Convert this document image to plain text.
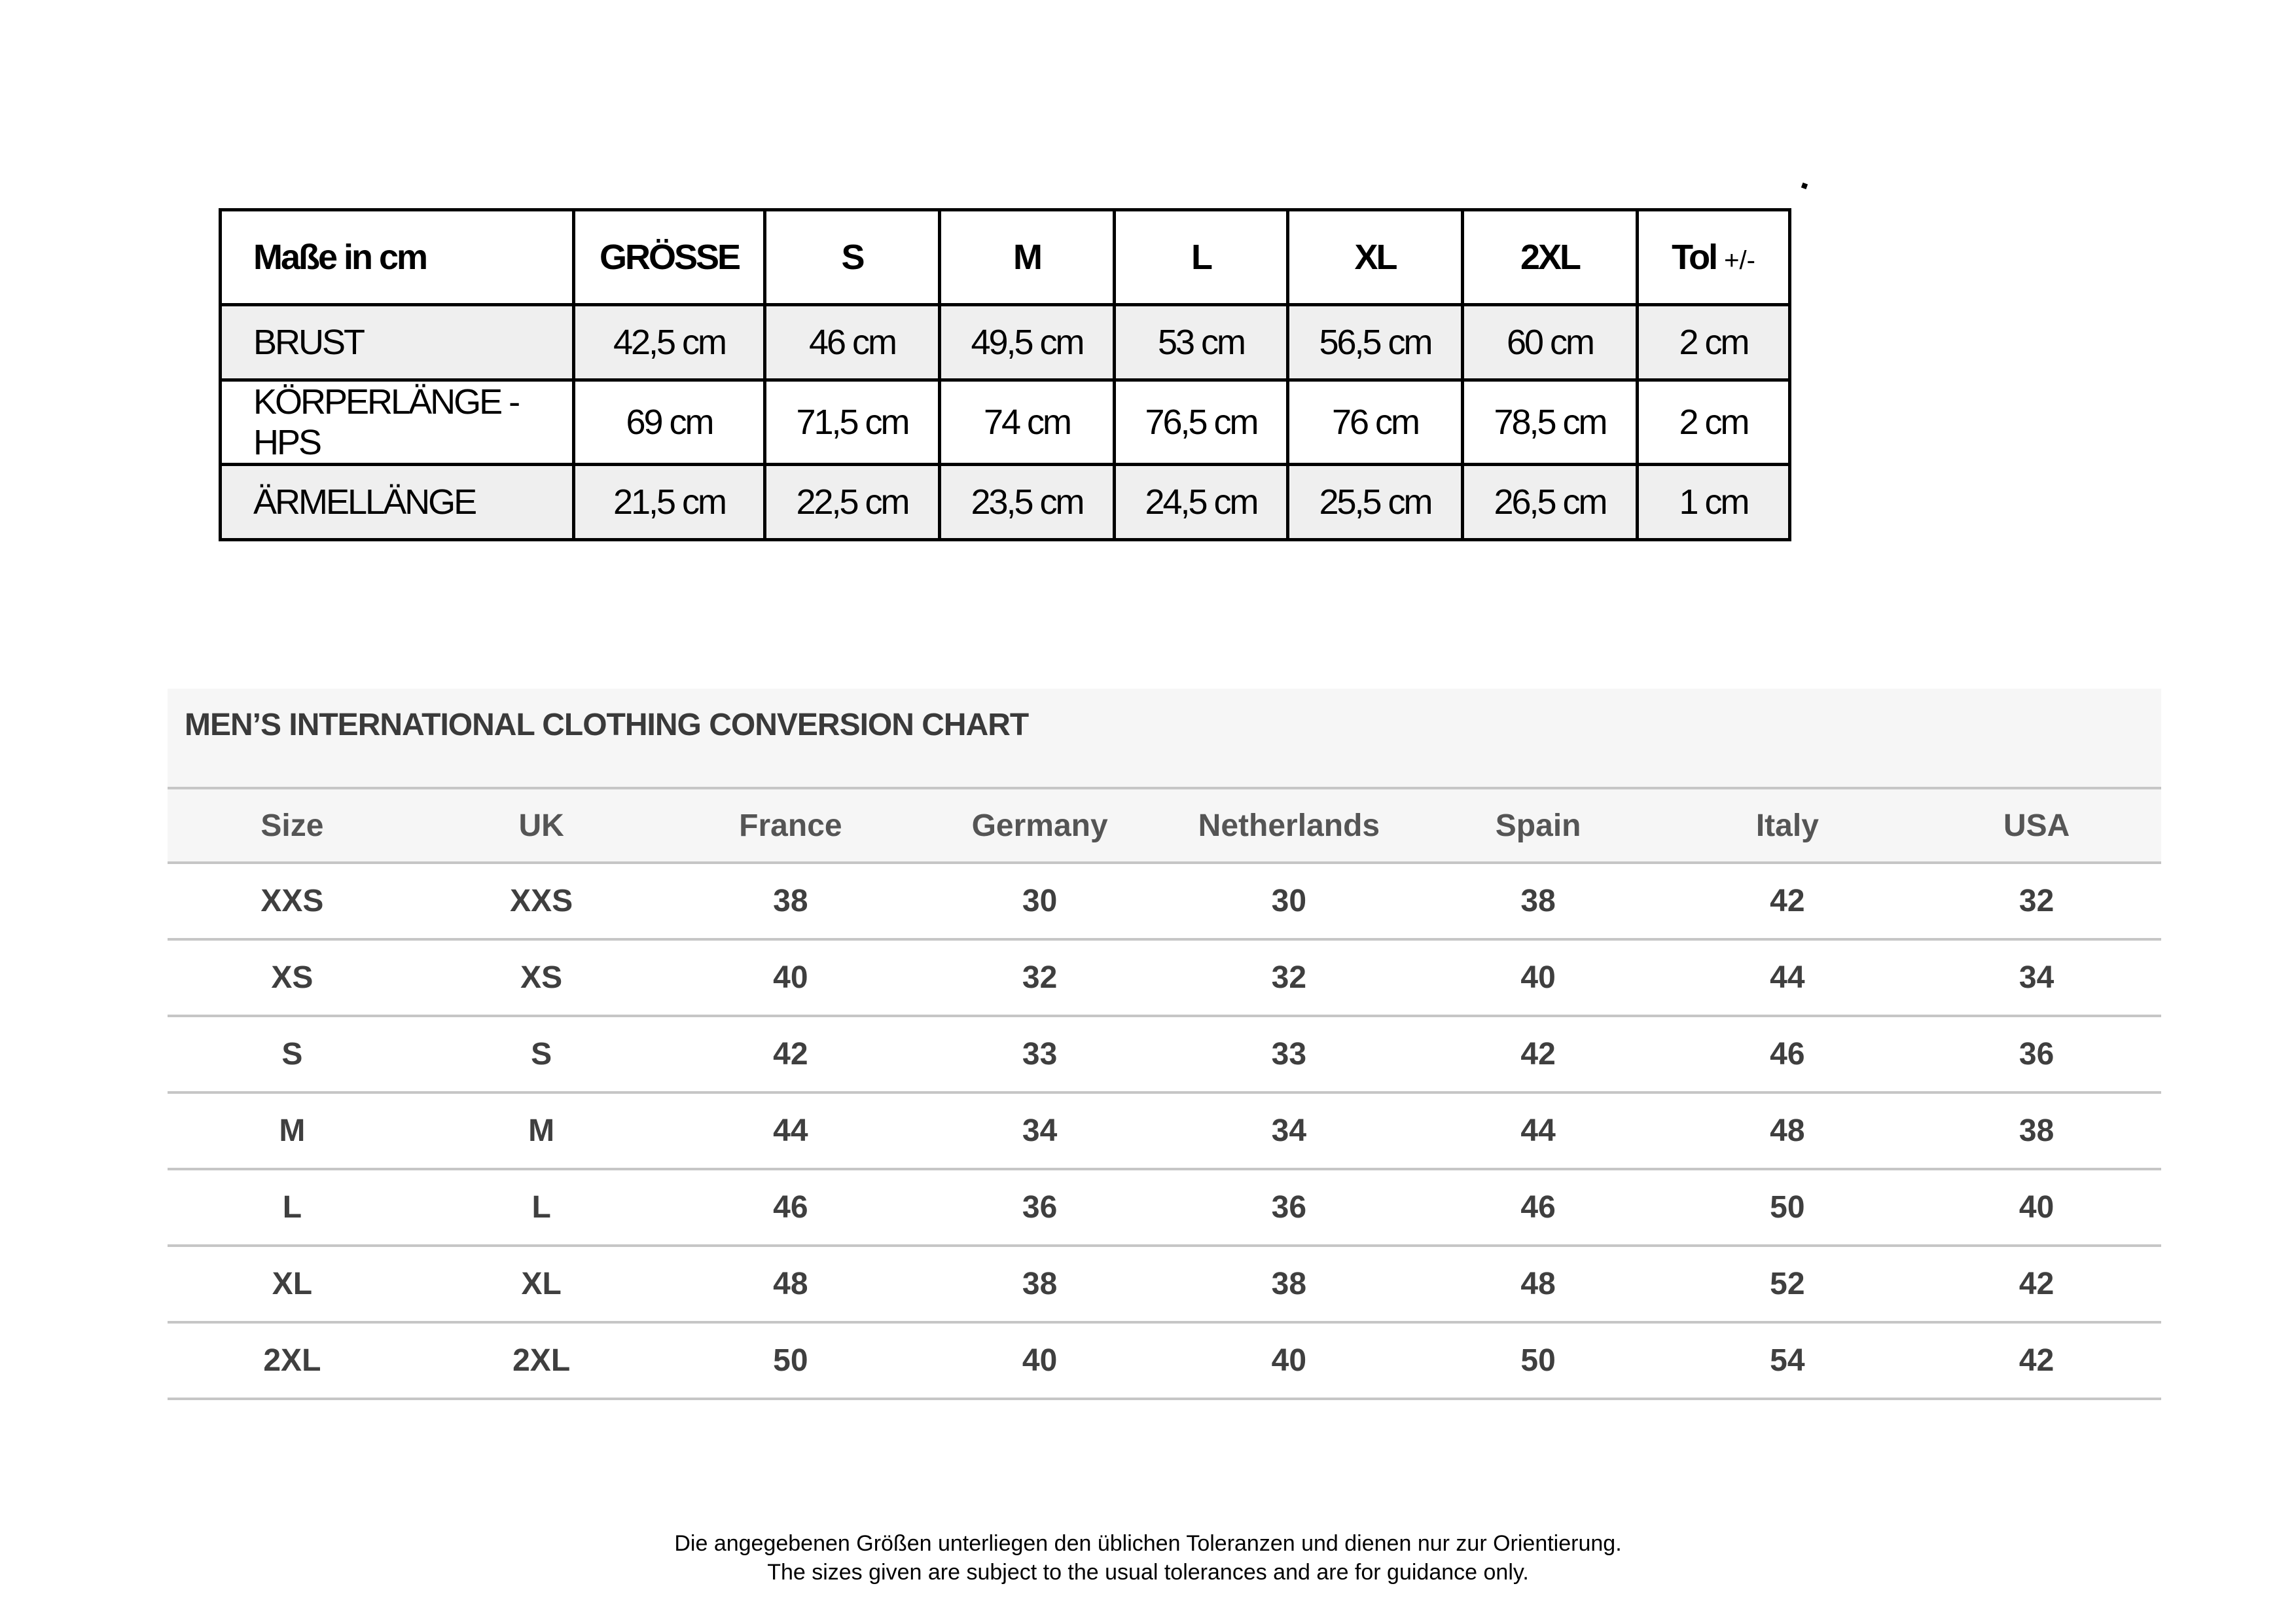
Maße in cm	GRÖSSE	S	M	L	XL	2XL	Tol +/-
BRUST	42,5 cm	46 cm	49,5 cm	53 cm	56,5 cm	60 cm	2 cm
KÖRPERLÄNGE -HPS	69 cm	71,5 cm	74 cm	76,5 cm	76 cm	78,5 cm	2 cm
ÄRMELLÄNGE	21,5 cm	22,5 cm	23,5 cm	24,5 cm	25,5 cm	26,5 cm	1 cm
MEN’S INTERNATIONAL CLOTHING CONVERSION CHART
Size	UK	France	Germany	Netherlands	Spain	Italy	USA
XXS	XXS	38	30	30	38	42	32
XS	XS	40	32	32	40	44	34
S	S	42	33	33	42	46	36
M	M	44	34	34	44	48	38
L	L	46	36	36	46	50	40
XL	XL	48	38	38	48	52	42
2XL	2XL	50	40	40	50	54	42
Die angegebenen Größen unterliegen den üblichen Toleranzen und dienen nur zur Orientierung.
The sizes given are subject to the usual tolerances and are for guidance only.
